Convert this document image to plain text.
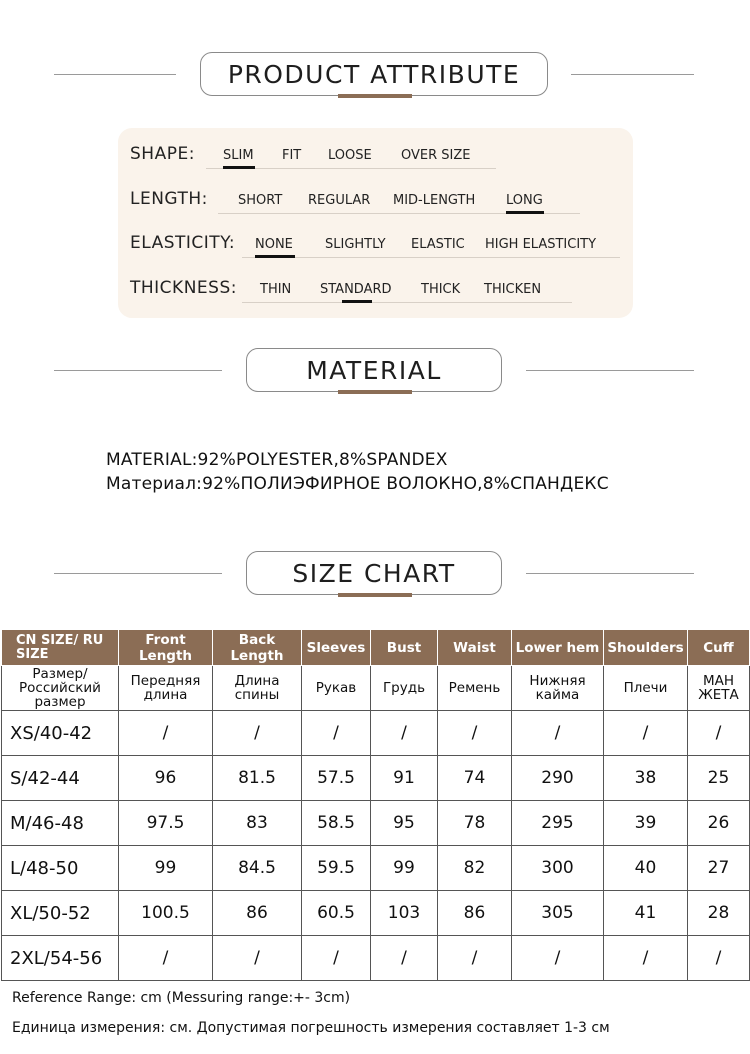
PRODUCT ATTRIBUTE
SHAPE: SLIM FIT LOOSE OVER SIZE
LENGTH: SHORT REGULAR MID-LENGTH LONG
ELASTICITY: NONE SLIGHTLY ELASTIC HIGH ELASTICITY
THICKNESS: THIN STANDARD THICK THICKEN
MATERIAL
MATERIAL:92%POLYESTER,8%SPANDEX
Материал:92%ПОЛИЭФИРНОЕ ВОЛОКНО,8%СПАНДЕКС
SIZE CHART
CN SIZE/ RU SIZE	Front Length	Back Length	Sleeves	Bust	Waist	Lower hem	Shoulders	Cuff
Размер/ Российский размер	Передняя длина	Длина спины	Рукав	Грудь	Ремень	Нижняя кайма	Плечи	МАН ЖЕТА
XS/40-42	/	/	/	/	/	/	/	/
S/42-44	96	81.5	57.5	91	74	290	38	25
M/46-48	97.5	83	58.5	95	78	295	39	26
L/48-50	99	84.5	59.5	99	82	300	40	27
XL/50-52	100.5	86	60.5	103	86	305	41	28
2XL/54-56	/	/	/	/	/	/	/	/
Reference Range: cm (Messuring range:+- 3cm)
Единица измерения: см. Допустимая погрешность измерения составляет 1-3 см
